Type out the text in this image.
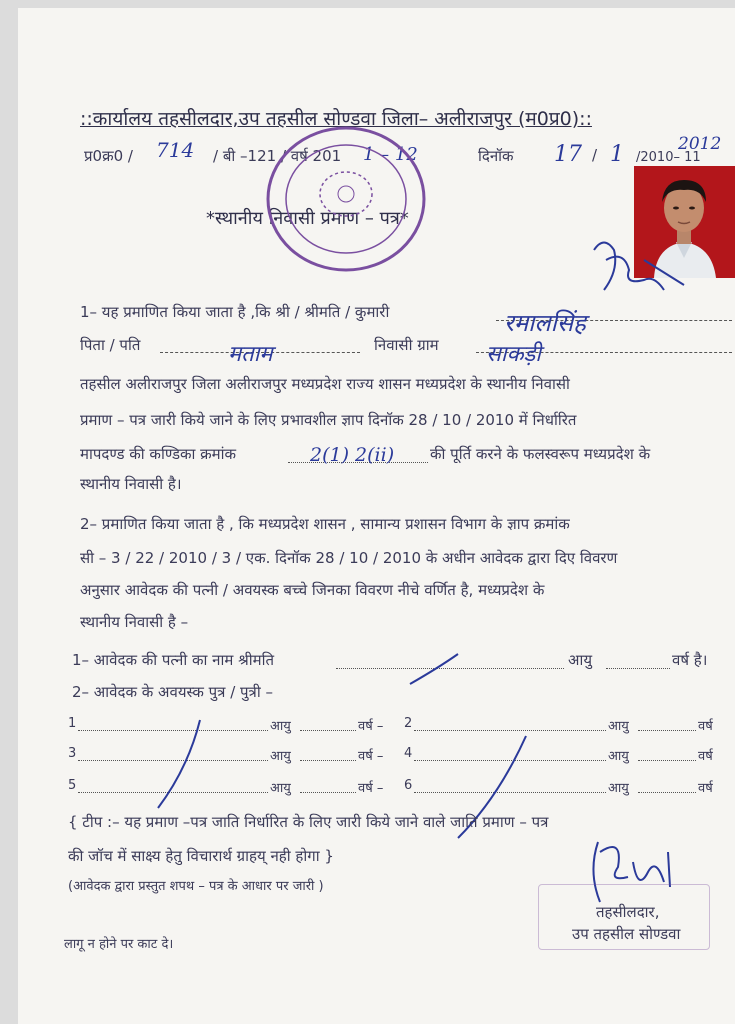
::कार्यालय तहसीलदार,उप तहसील सोण्डवा जिला– अलीराजपुर (म0प्र0)::
प्र0क्र0 / 714 / बी –121 / वर्ष 201 1 – 12	दिनॉक 17 / 1 /2010– 11
2012
*स्थानीय निवासी प्रमाण – पत्र*
1– यह प्रमाणित किया जाता है ,कि श्री / श्रीमति / कुमारी	रमालसिंह
पिता / पति	मताम	निवासी ग्राम साकड़ी
तहसील अलीराजपुर जिला अलीराजपुर मध्यप्रदेश राज्य शासन मध्यप्रदेश के स्थानीय निवासी
प्रमाण – पत्र जारी किये जाने के लिए प्रभावशील ज्ञाप दिनॉक 28 / 10 / 2010 में निर्धारित
मापदण्ड की कण्डिका क्रमांक	2(1) 2(ii) की पूर्ति करने के फलस्वरूप मध्यप्रदेश के
स्थानीय निवासी है।
2– प्रमाणित किया जाता है , कि मध्यप्रदेश शासन , सामान्य प्रशासन विभाग के ज्ञाप क्रमांक
सी – 3 / 22 / 2010 / 3 / एक. दिनॉक 28 / 10 / 2010 के अधीन आवेदक द्वारा दिए विवरण
अनुसार आवेदक की पत्नी / अवयस्क बच्चे जिनका विवरण नीचे वर्णित है, मध्यप्रदेश के
स्थानीय निवासी है –
1– आवेदक की पत्नी का नाम श्रीमति	आयु	वर्ष है।
2– आवेदक के अवयस्क पुत्र / पुत्री –
1	आयु	वर्ष – 2	आयु	वर्ष
3	आयु	वर्ष – 4	आयु	वर्ष
5	आयु	वर्ष – 6	आयु	वर्ष
{ टीप :– यह प्रमाण –पत्र जाति निर्धारित के लिए जारी किये जाने वाले जाति प्रमाण – पत्र
की जॉच में साक्ष्य हेतु विचारार्थ ग्राहय् नही होगा }
(आवेदक द्वारा प्रस्तुत शपथ – पत्र के आधार पर जारी )
तहसीलदार,
उप तहसील सोण्डवा
लागू न होने पर काट दे।
